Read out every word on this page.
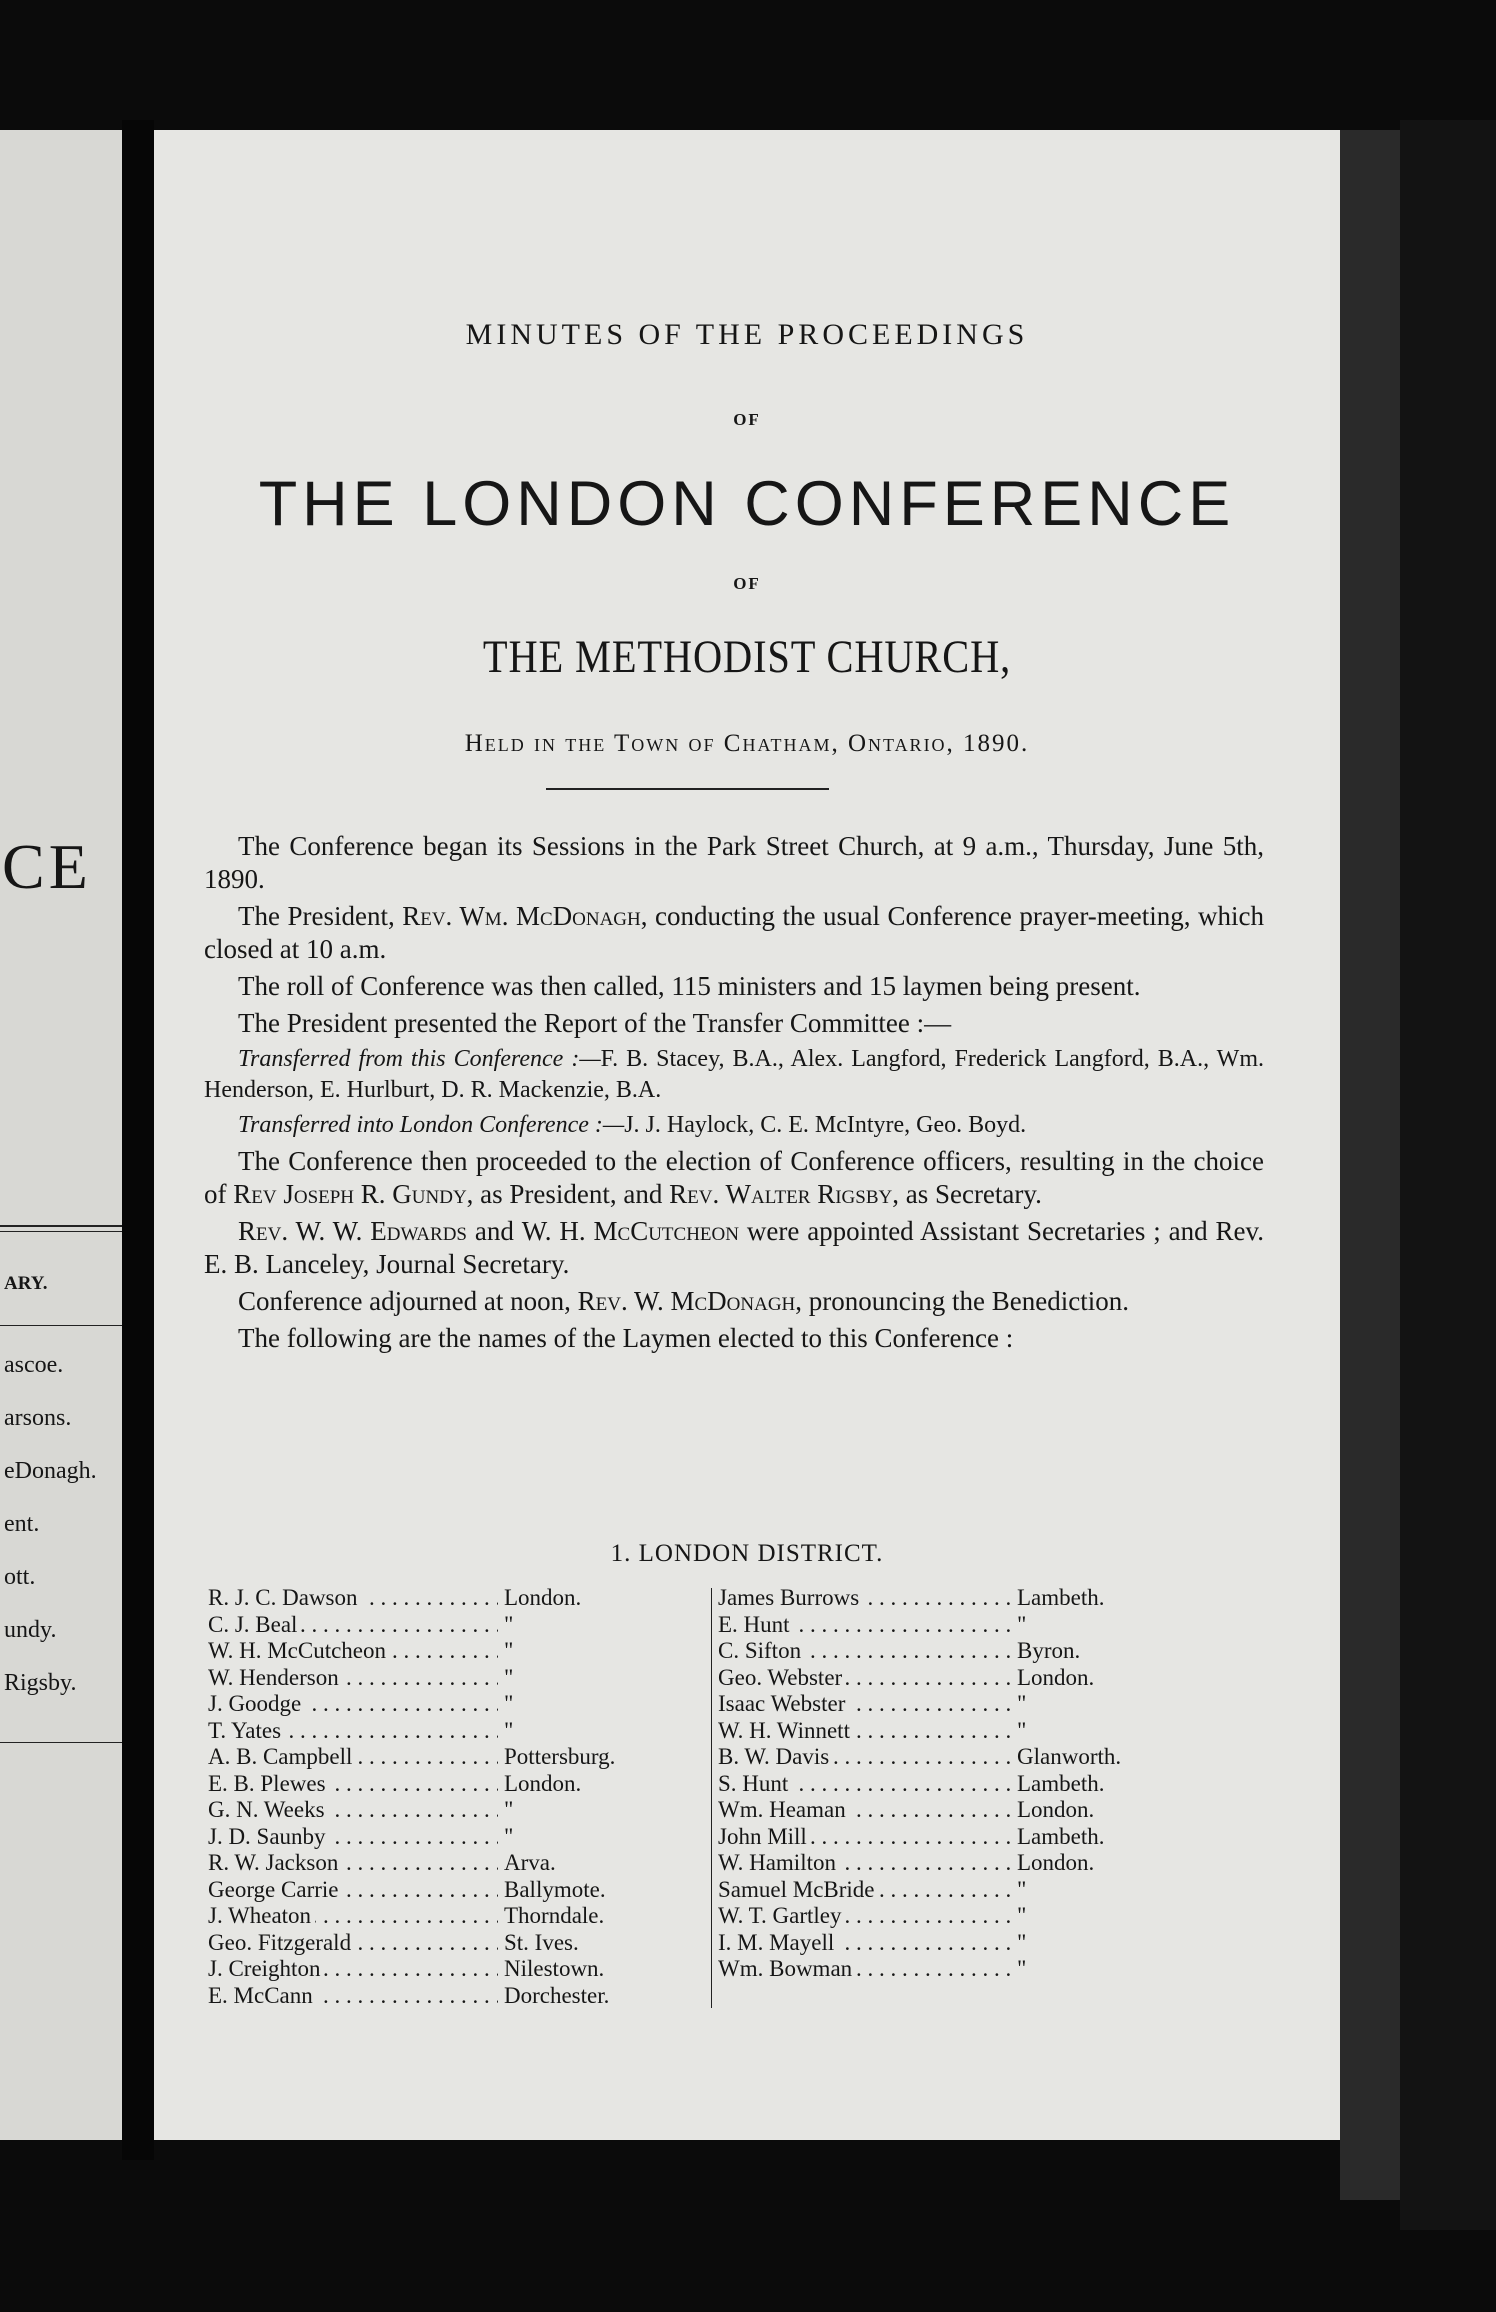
CE
ARY.
ascoe.
arsons.
eDonagh.
ent.
ott.
undy.
Rigsby.
MINUTES OF THE PROCEEDINGS
OF
THE LONDON CONFERENCE
OF
THE METHODIST CHURCH,
Held in the Town of Chatham, Ontario, 1890.

The Conference began its Sessions in the Park Street Church, at 9 a.m., Thursday, June 5th, 1890.

The President, Rev. Wm. McDonagh, conducting the usual Conference prayer-meeting, which closed at 10 a.m.

The roll of Conference was then called, 115 ministers and 15 laymen being present.

The President presented the Report of the Transfer Committee :—

Transferred from this Conference :—F. B. Stacey, B.A., Alex. Langford, Frederick Langford, B.A., Wm. Henderson, E. Hurlburt, D. R. Mackenzie, B.A.

Transferred into London Conference :—J. J. Haylock, C. E. McIntyre, Geo. Boyd.

The Conference then proceeded to the election of Conference officers, resulting in the choice of Rev Joseph R. Gundy, as President, and Rev. Walter Rigsby, as Secretary.

Rev. W. W. Edwards and W. H. McCutcheon were appointed Assistant Secretaries ; and Rev. E. B. Lanceley, Journal Secretary.

Conference adjourned at noon, Rev. W. McDonagh, pronouncing the Benediction.

The following are the names of the Laymen elected to this Conference :

1. LONDON DISTRICT.
. . .
R. J. C. Dawson	London.
. . .
C. J. Beal	"
. . .
W. H. McCutcheon	"
. . .
W. Henderson	"
. . .
J. Goodge	"
. . .
T. Yates	"
. . .
A. B. Campbell	Pottersburg.
. . .
E. B. Plewes	London.
. . .
G. N. Weeks	"
. . .
J. D. Saunby	"
. . .
R. W. Jackson	Arva.
. . .
George Carrie	Ballymote.
. . .
J. Wheaton	Thorndale.
. . .
Geo. Fitzgerald	St. Ives.
. . .
J. Creighton	Nilestown.
. . .
E. McCann	Dorchester.
. . .
James Burrows	Lambeth.
. . .
E. Hunt	"
. . .
C. Sifton	Byron.
. . .
Geo. Webster	London.
. . .
Isaac Webster	"
. . .
W. H. Winnett	"
. . .
B. W. Davis	Glanworth.
. . .
S. Hunt	Lambeth.
. . .
Wm. Heaman	London.
. . .
John Mill	Lambeth.
. . .
W. Hamilton	London.
. . .
Samuel McBride	"
. . .
W. T. Gartley	"
. . .
I. M. Mayell	"
. . .
Wm. Bowman	"
